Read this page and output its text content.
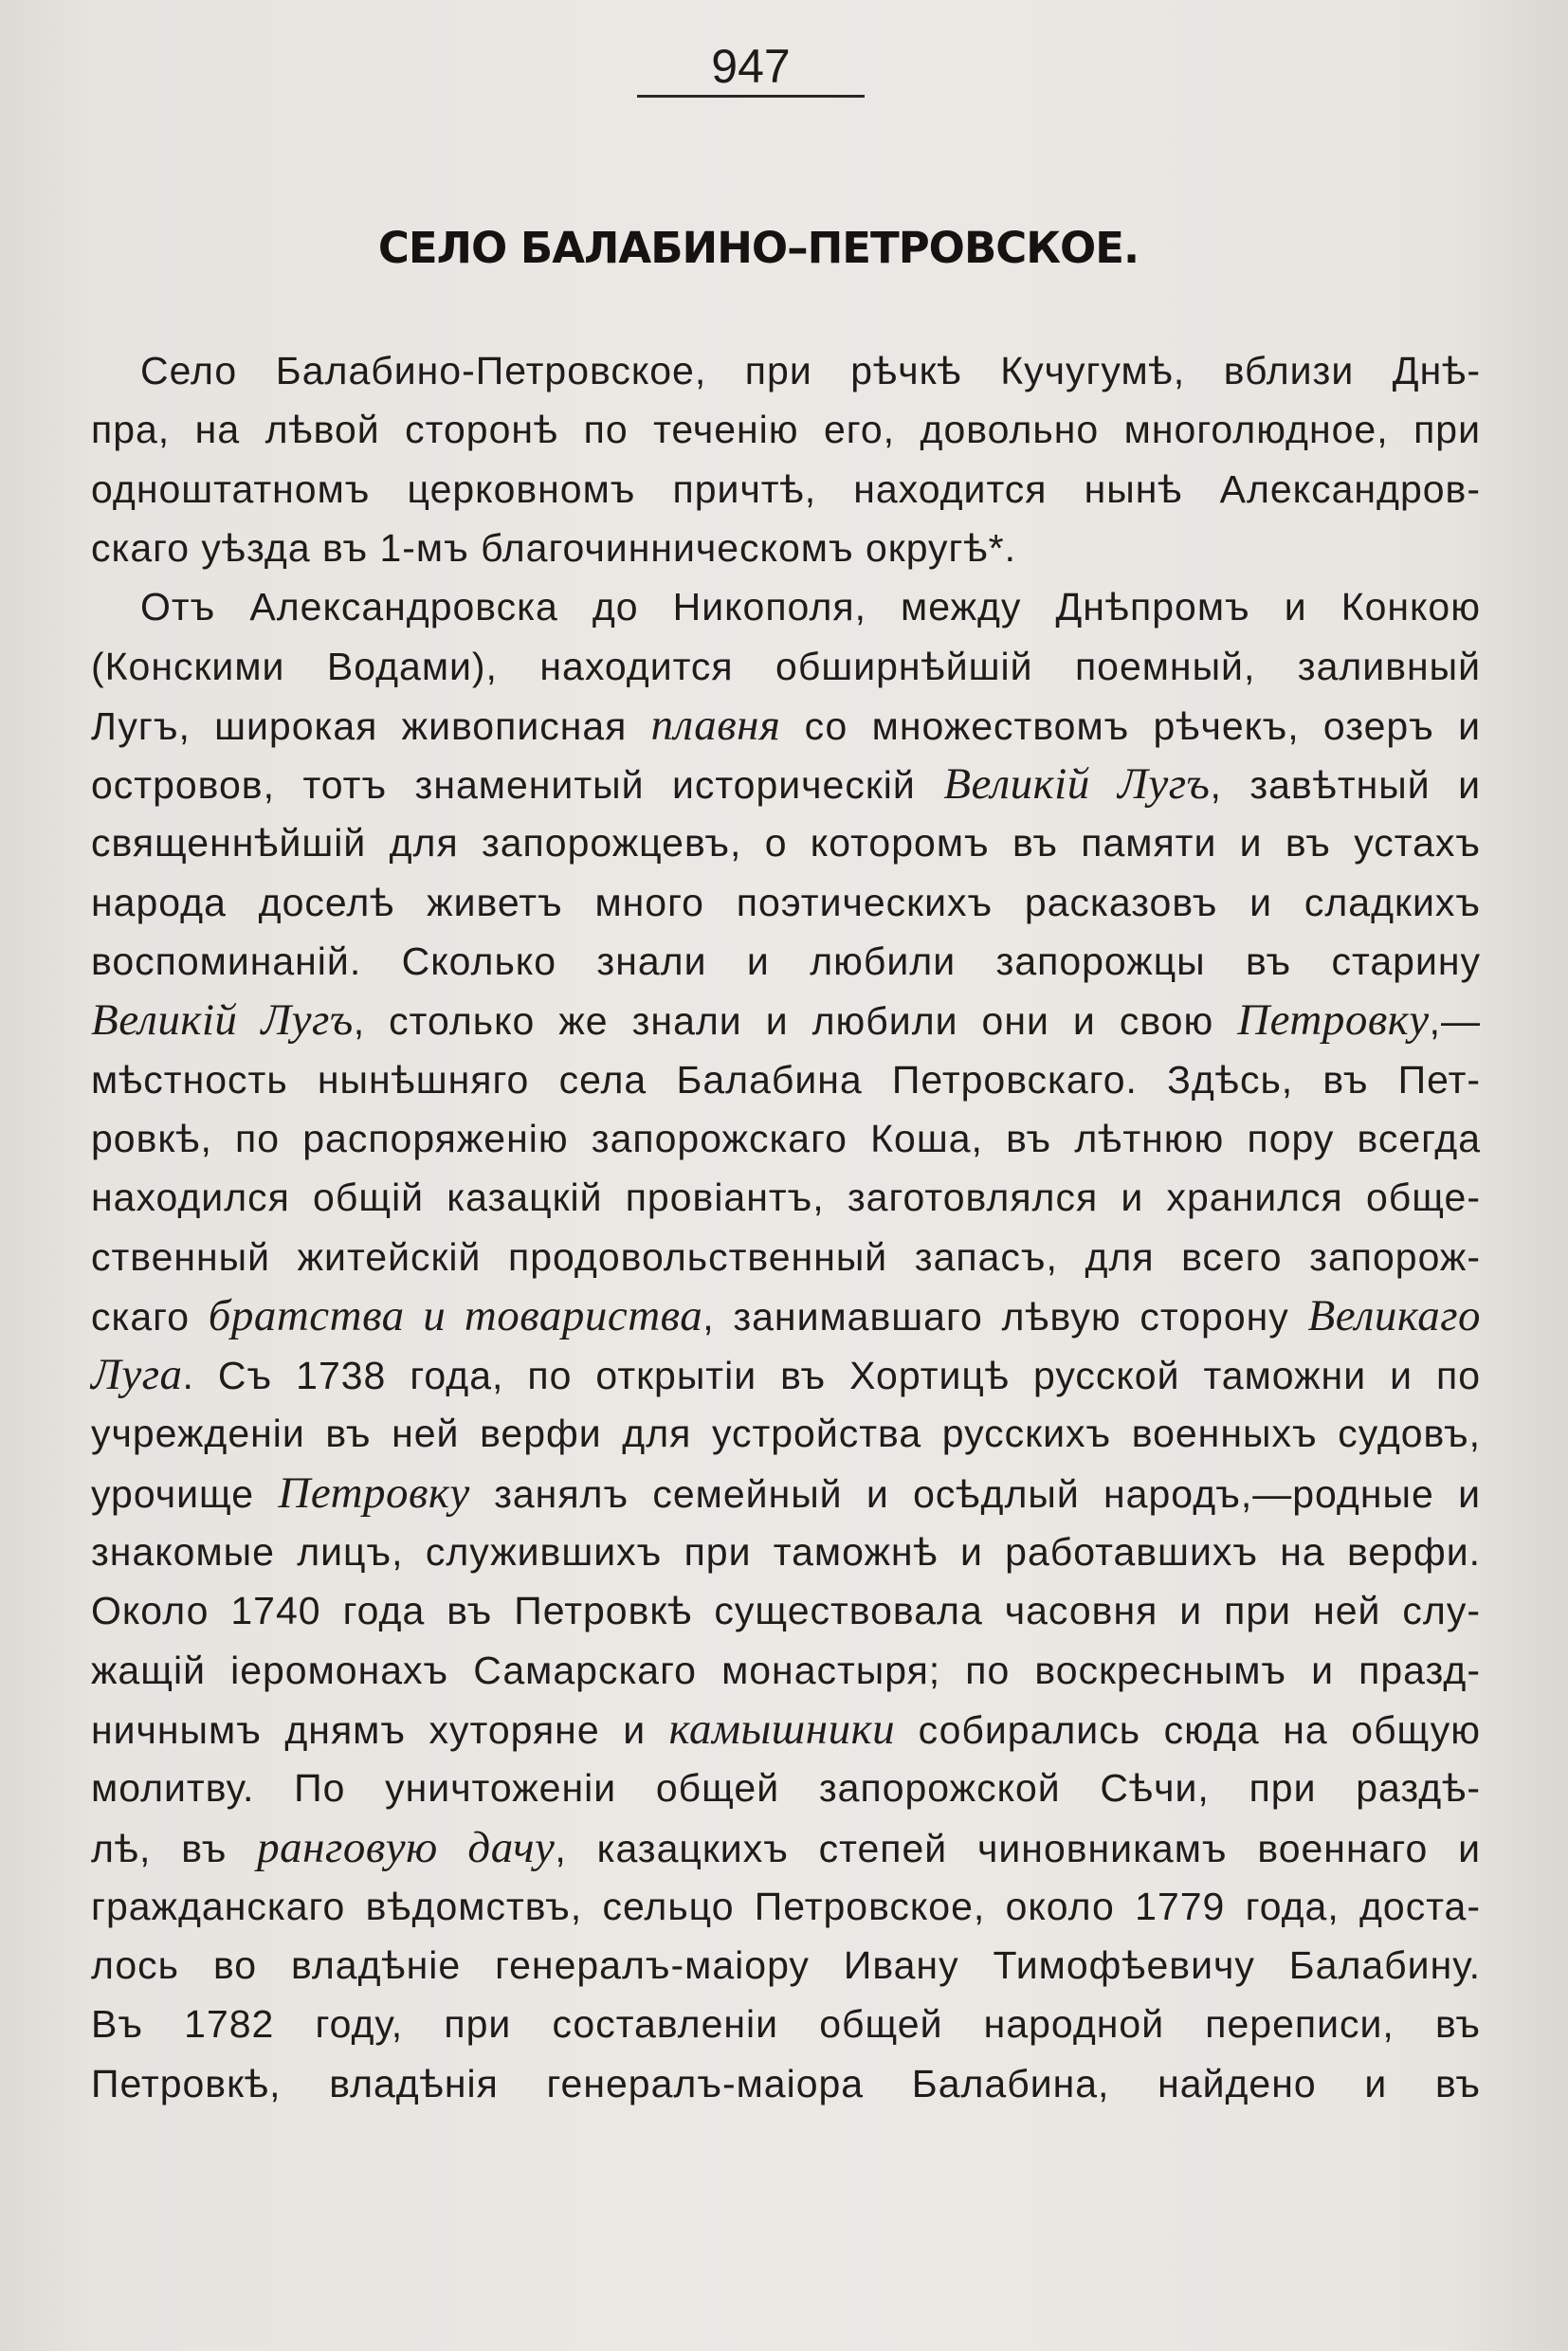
947
СЕЛО БАЛАБИНО–ПЕТРОВСКОЕ.
Село Балабино-Петровское, при рѣчкѣ Кучугумѣ, вблизи Днѣ-
пра, на лѣвой сторонѣ по теченію его, довольно многолюдное, при
одноштатномъ церковномъ причтѣ, находится нынѣ Александров-
скаго уѣзда въ 1-мъ благочинническомъ округѣ*.
Отъ Александровска до Никополя, между Днѣпромъ и Конкою
(Конскими Водами), находится обширнѣйшій поемный, заливный
Лугъ, широкая живописная плавня со множествомъ рѣчекъ, озеръ и
островов, тотъ знаменитый историческій Великій Лугъ, завѣтный и
священнѣйшій для запорожцевъ, о которомъ въ памяти и въ устахъ
народа доселѣ живетъ много поэтическихъ расказовъ и сладкихъ
воспоминаній. Сколько знали и любили запорожцы въ старину
Великій Лугъ, столько же знали и любили они и свою Петровку,—
мѣстность нынѣшняго села Балабина Петровскаго. Здѣсь, въ Пет-
ровкѣ, по распоряженію запорожскаго Коша, въ лѣтнюю пору всегда
находился общій казацкій провіантъ, заготовлялся и хранился обще-
ственный житейскій продовольственный запасъ, для всего запорож-
скаго братства и товариства, занимавшаго лѣвую сторону Великаго
Луга. Съ 1738 года, по открытіи въ Хортицѣ русской таможни и по
учрежденіи въ ней верфи для устройства русскихъ военныхъ судовъ,
урочище Петровку занялъ семейный и осѣдлый народъ,—родные и
знакомые лицъ, служившихъ при таможнѣ и работавшихъ на верфи.
Около 1740 года въ Петровкѣ существовала часовня и при ней слу-
жащій іеромонахъ Самарскаго монастыря; по воскреснымъ и празд-
ничнымъ днямъ хуторяне и камышники собирались сюда на общую
молитву. По уничтоженіи общей запорожской Сѣчи, при раздѣ-
лѣ, въ ранговую дачу, казацкихъ степей чиновникамъ военнаго и
гражданскаго вѣдомствъ, сельцо Петровское, около 1779 года, доста-
лось во владѣніе генералъ-маіору Ивану Тимофѣевичу Балабину.
Въ 1782 году, при составленіи общей народной переписи, въ
Петровкѣ, владѣнія генералъ-маіора Балабина, найдено и въ
